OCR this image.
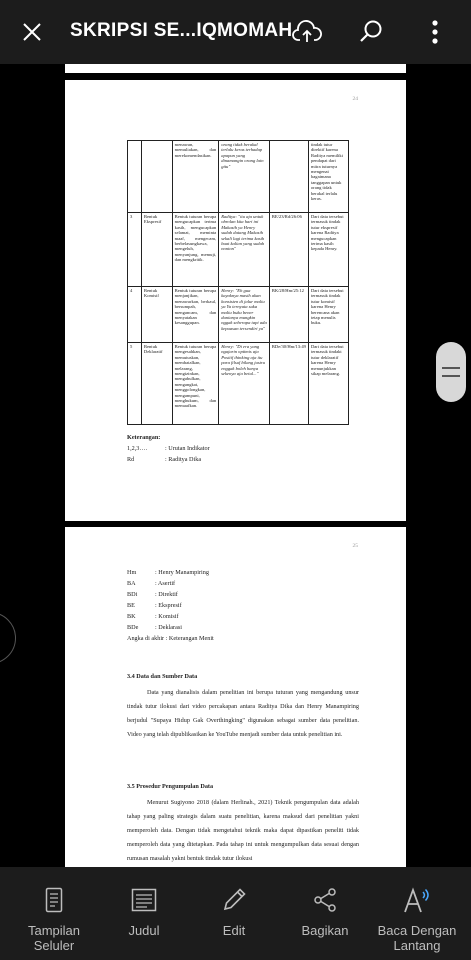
SKRIPSI SE...IQMOMAH
24
		menawan, memuliakan, dan merekomendasikan.	orang tidak berakal terlalu keras terhadap apapun yang dinamangin orang lain gitu"		tindak tutur direktif karena Raditya memiliki pendapat dari mitra tuturnya mengenai bagaimana tanggapan untuk orang tidak berakal terlalu keras.
3	Bentuk Ekspresif	Bentuk tuturan berupa mengucapkan terima kasih, mengucapkan selamat, meminta maaf, mengecam, berbelasungkawa, mengeluh, menyanjung, memuji, dan mengkritik.	Raditya: "itu aja untuk obrolan kita hari ini Makasih ya Henry sudah datang Makasih sekali lagi terima kasih buat kalian yang sudah nonton"	BE/23/Rd/26:06	Dari data tersebut termasuk tindak tutur ekspresif karena Raditya mengucapkan terima kasih kepada Henry.
4	Bentuk Komisif	Bentuk tuturan berupa menjanjikan, menawarkan, berkaul, bersumpah, mengancam, dan menyatakan kesanggupan.	Henry: "Eh gua kayaknya masih akan konsisten di jalur maliu ya Ya ternyata suka maliu buku bener dunianya mungkin nggak seberapa tapi ada kepuasan tersendiri ya"	BK/28/Hm/25:12	Dari data tersebut termasuk tindak tutur komisif karena Henry berencana akan tetap menulis buku.
5	Bentuk Deklaratif	Bentuk tuturan berupa mengesahkan, memutuskan, membatalkan, melarang, mengizinkan, mengabulkan, mengangkat, menggolongkan, mengampuni, menghukum, dan memaafkan.	Henry: "Di era yang ngajarin optimis aja Positif thinking aja itu para filsuf bilang justru enggak boleh hanya sekenya aja betul..."	BDe/30/Hm/13:49	Dari data tersebut termasuk tindakt tutur deklaratif karena Henry menunjukkan sikap melarang.
Keterangan:
1,2,3….	: Urutan Indikator
Rd	: Raditya Dika
25
Hm	: Henry Manampiring
BA	: Asertif
BDi	: Direktif
BE	: Ekspresif
BK	: Komisif
BDe	: Deklarasi
Angka di akhir : Keterangan Menit
3.4 Data dan Sumber Data
Data yang dianalisis dalam penelitian ini berupa tuturan yang mengandung unsur tindak tutur ilokusi dari video percakapan antara Raditya Dika dan Henry Manampiring berjudul "Supaya Hidup Gak Overthingking" digunakan sebagai sumber data penelitian. Video yang telah dipublikasikan ke YouTube menjadi sumber data untuk penelitian ini.
3.5 Prosedur Pengumpulan Data
Menurut Sugiyono 2018 (dalam Herlinah., 2021) Teknik pengumpulan data adalah tahap yang paling strategis dalam suatu penelitian, karena maksud dari penelitian yakni memperoleh data. Dengan tidak mengetahui teknik maka dapat dipastikan peneliti tidak memperoleh data yang ditetapkan. Pada tahap ini untuk mengumpulkan data sesuai dengan rumusan masalah yakni bentuk tindak tutur ilokusi
Tampilan Seluler
Judul	Edit	Bagikan	Baca Dengan Lantang
